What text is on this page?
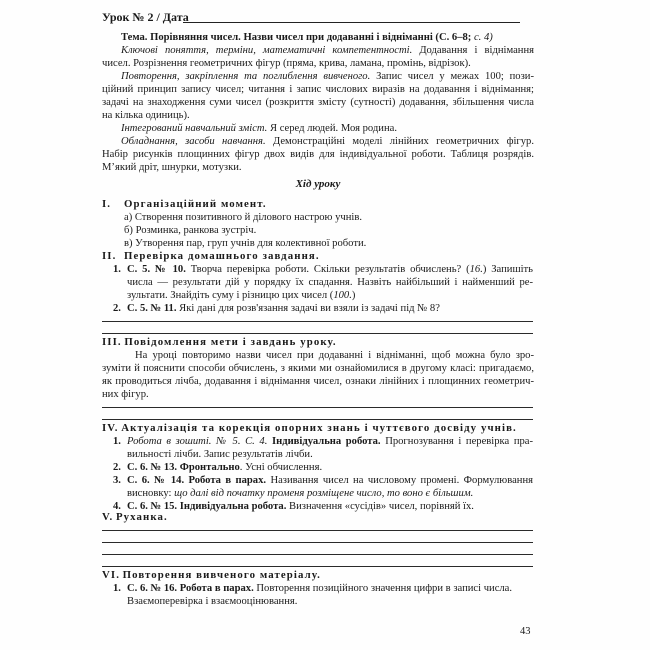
Урок № 2 / Дата
Тема. Порівняння чисел. Назви чисел при додаванні і відніманні (С. 6–8; с. 4)
Ключові поняття, терміни, математичні компетентності. Додавання і віднімання
чисел. Розрізнення геометричних фігур (пряма, крива, ламана, промінь, відрізок).
Повторення, закріплення та поглиблення вивченого. Запис чисел у межах 100; пози-
ційний принцип запису чисел; читання і запис числових виразів на додавання і віднімання;
задачі на знаходження суми чисел (розкриття змісту (сутності) додавання, збільшення числа
на кілька одиниць).
Інтегрований навчальний зміст. Я серед людей. Моя родина.
Обладнання, засоби навчання. Демонстраційні моделі лінійних геометричних фігур.
Набір рисунків площинних фігур двох видів для індивідуальної роботи. Таблиця розрядів.
М’який дріт, шнурки, мотузки.
Хід уроку
I. Організаційний момент.
а) Створення позитивного й ділового настрою учнів.
б) Розминка, ранкова зустріч.
в) Утворення пар, груп учнів для колективної роботи.
II. Перевірка домашнього завдання.
1. С. 5. № 10. Творча перевірка роботи. Скільки результатів обчислень? (16.) Запишіть
числа — результати дій у порядку їх спадання. Назвіть найбільший і найменший ре-
зультати. Знайдіть суму і різницю цих чисел (100.)
2. С. 5. № 11. Які дані для розв'язання задачі ви взяли із задачі під № 8?
III. Повідомлення мети і завдань уроку.
На уроці повторимо назви чисел при додаванні і відніманні, щоб можна було зро-
зуміти й пояснити способи обчислень, з якими ми ознайомилися в другому класі: пригадаємо,
як проводиться лічба, додавання і віднімання чисел, ознаки лінійних і площинних геометрич-
них фігур.
IV. Актуалізація та корекція опорних знань і чуттєвого досвіду учнів.
1. Робота в зошиті. № 5. С. 4. Індивідуальна робота. Прогнозування і перевірка пра-
вильності лічби. Запис результатів лічби.
2. С. 6. № 13. Фронтально. Усні обчислення.
3. С. 6. № 14. Робота в парах. Називання чисел на числовому промені. Формулювання
висновку: що далі від початку променя розміщене число, то воно є більшим.
4. С. 6. № 15. Індивідуальна робота. Визначення «сусідів» чисел, порівняй їх.
V. Руханка.
VI. Повторення вивченого матеріалу.
1. С. 6. № 16. Робота в парах. Повторення позиційного значення цифри в записі числа.
Взаємоперевірка і взаємооцінювання.
43
